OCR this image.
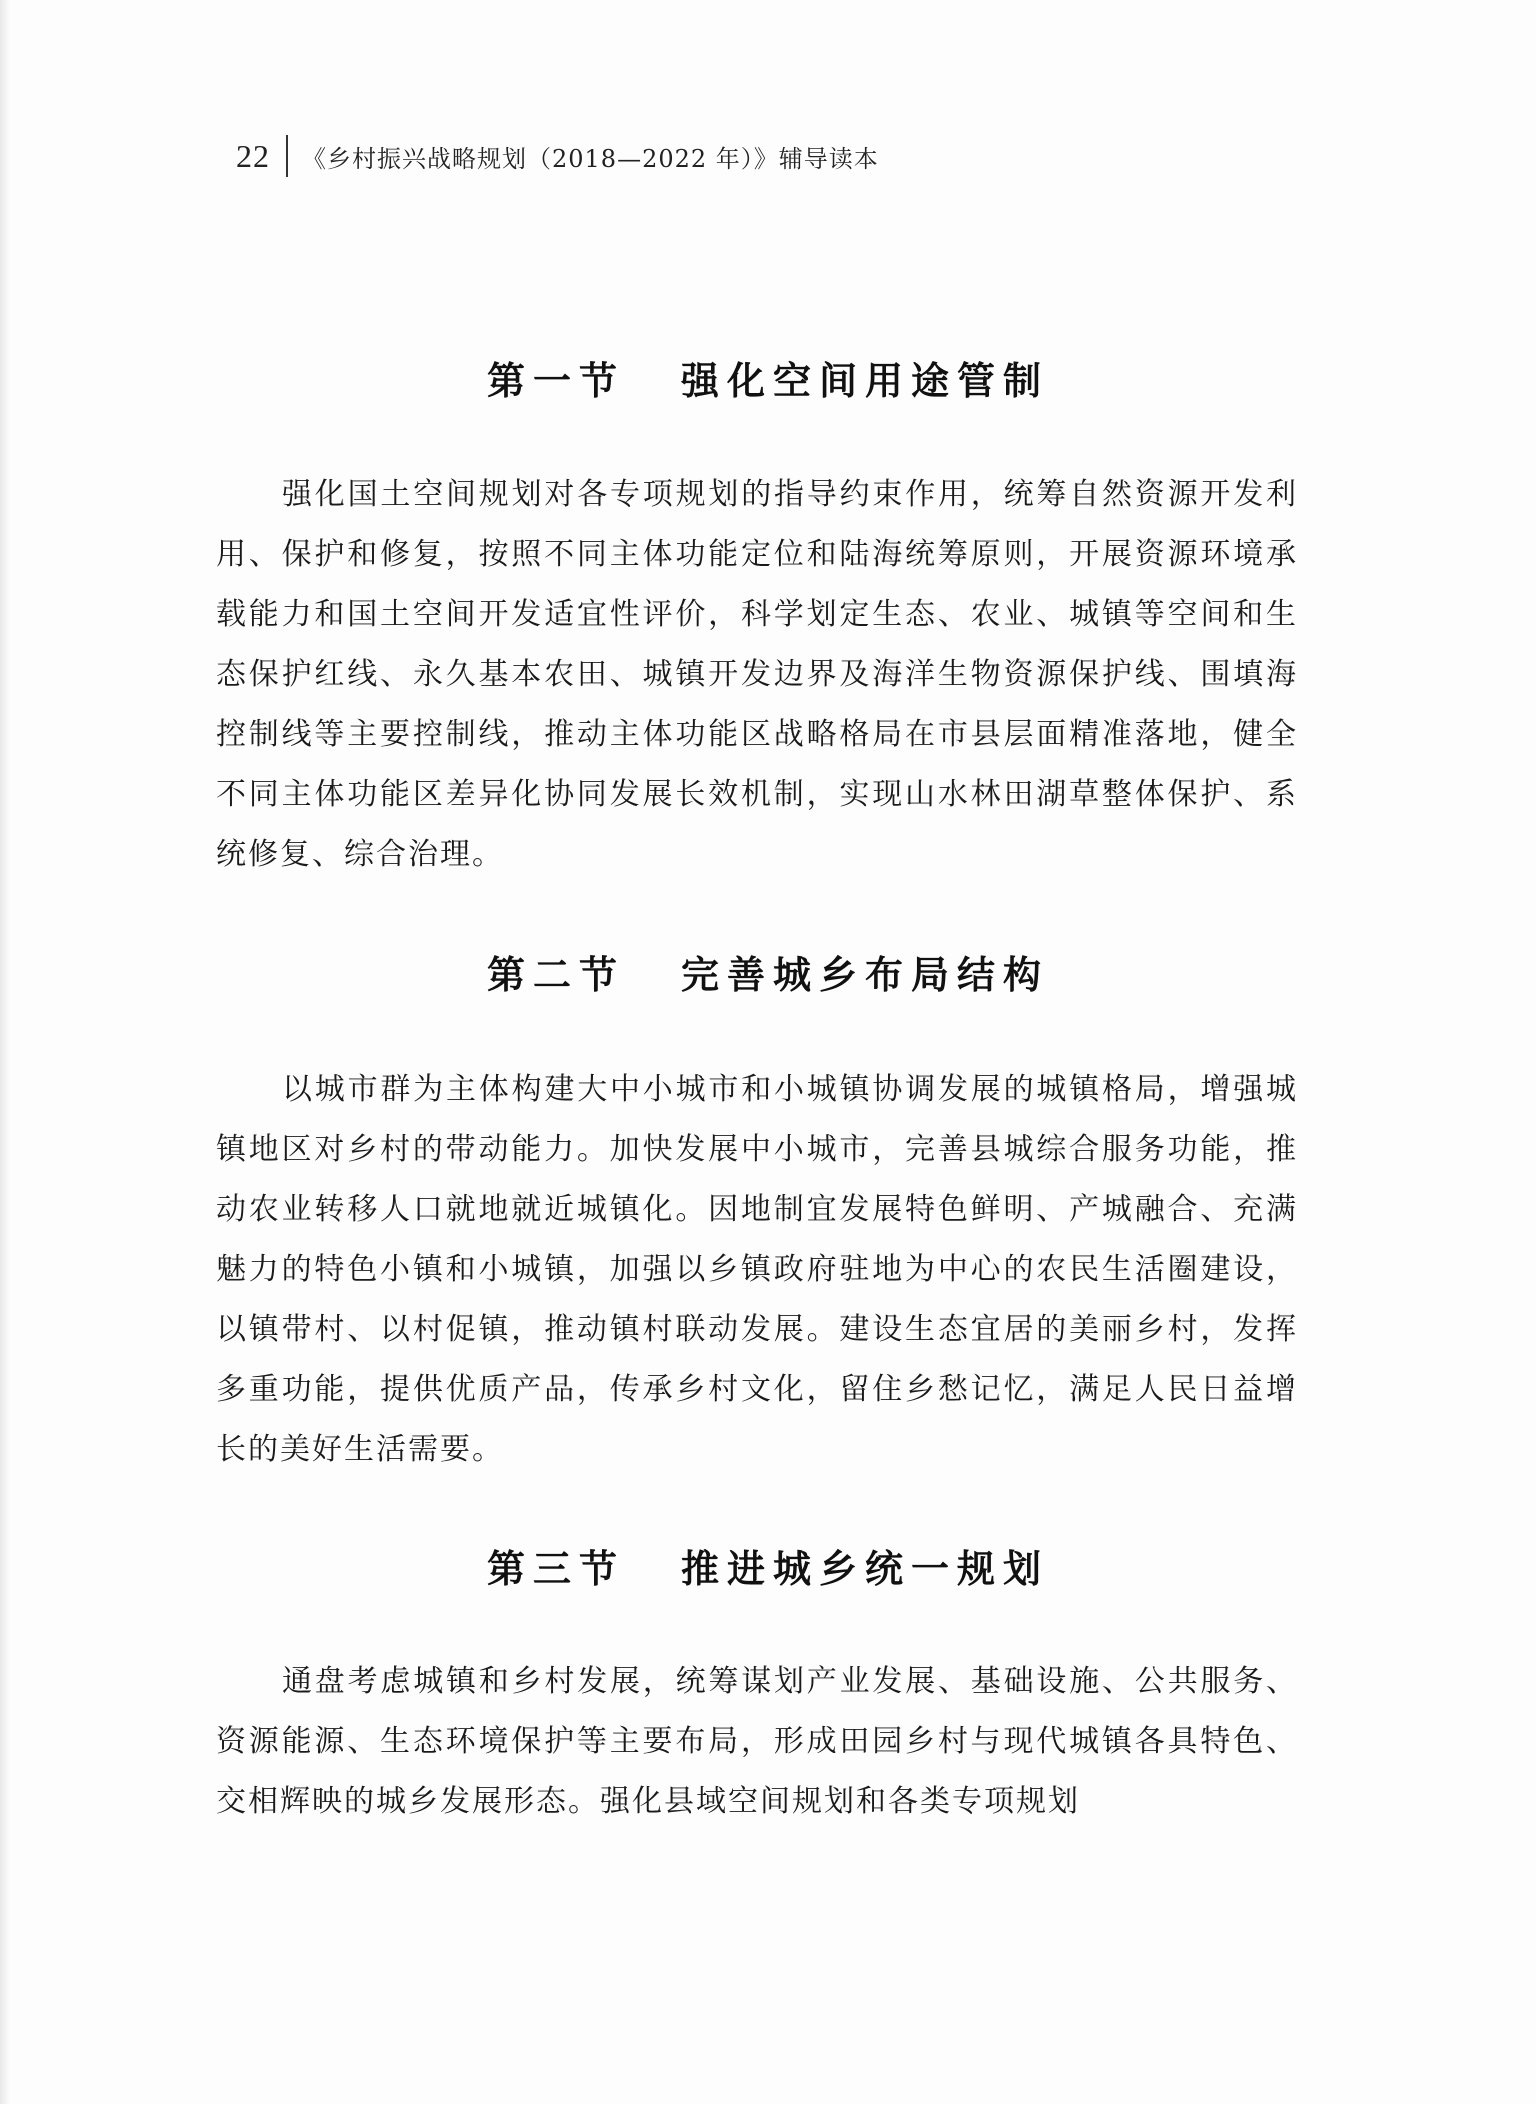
22 《乡村振兴战略规划（2018—2022 年）》辅导读本
第一节 强化空间用途管制

强化国土空间规划对各专项规划的指导约束作用，统筹自然资源开发利用、保护和修复，按照不同主体功能定位和陆海统筹原则，开展资源环境承载能力和国土空间开发适宜性评价，科学划定生态、农业、城镇等空间和生态保护红线、永久基本农田、城镇开发边界及海洋生物资源保护线、围填海控制线等主要控制线，推动主体功能区战略格局在市县层面精准落地，健全不同主体功能区差异化协同发展长效机制，实现山水林田湖草整体保护、系统修复、综合治理。

第二节 完善城乡布局结构

以城市群为主体构建大中小城市和小城镇协调发展的城镇格局，增强城镇地区对乡村的带动能力。加快发展中小城市，完善县城综合服务功能，推动农业转移人口就地就近城镇化。因地制宜发展特色鲜明、产城融合、充满魅力的特色小镇和小城镇，加强以乡镇政府驻地为中心的农民生活圈建设，以镇带村、以村促镇，推动镇村联动发展。建设生态宜居的美丽乡村，发挥多重功能，提供优质产品，传承乡村文化，留住乡愁记忆，满足人民日益增长的美好生活需要。

第三节 推进城乡统一规划

通盘考虑城镇和乡村发展，统筹谋划产业发展、基础设施、公共服务、资源能源、生态环境保护等主要布局，形成田园乡村与现代城镇各具特色、交相辉映的城乡发展形态。强化县域空间规划和各类专项规划
